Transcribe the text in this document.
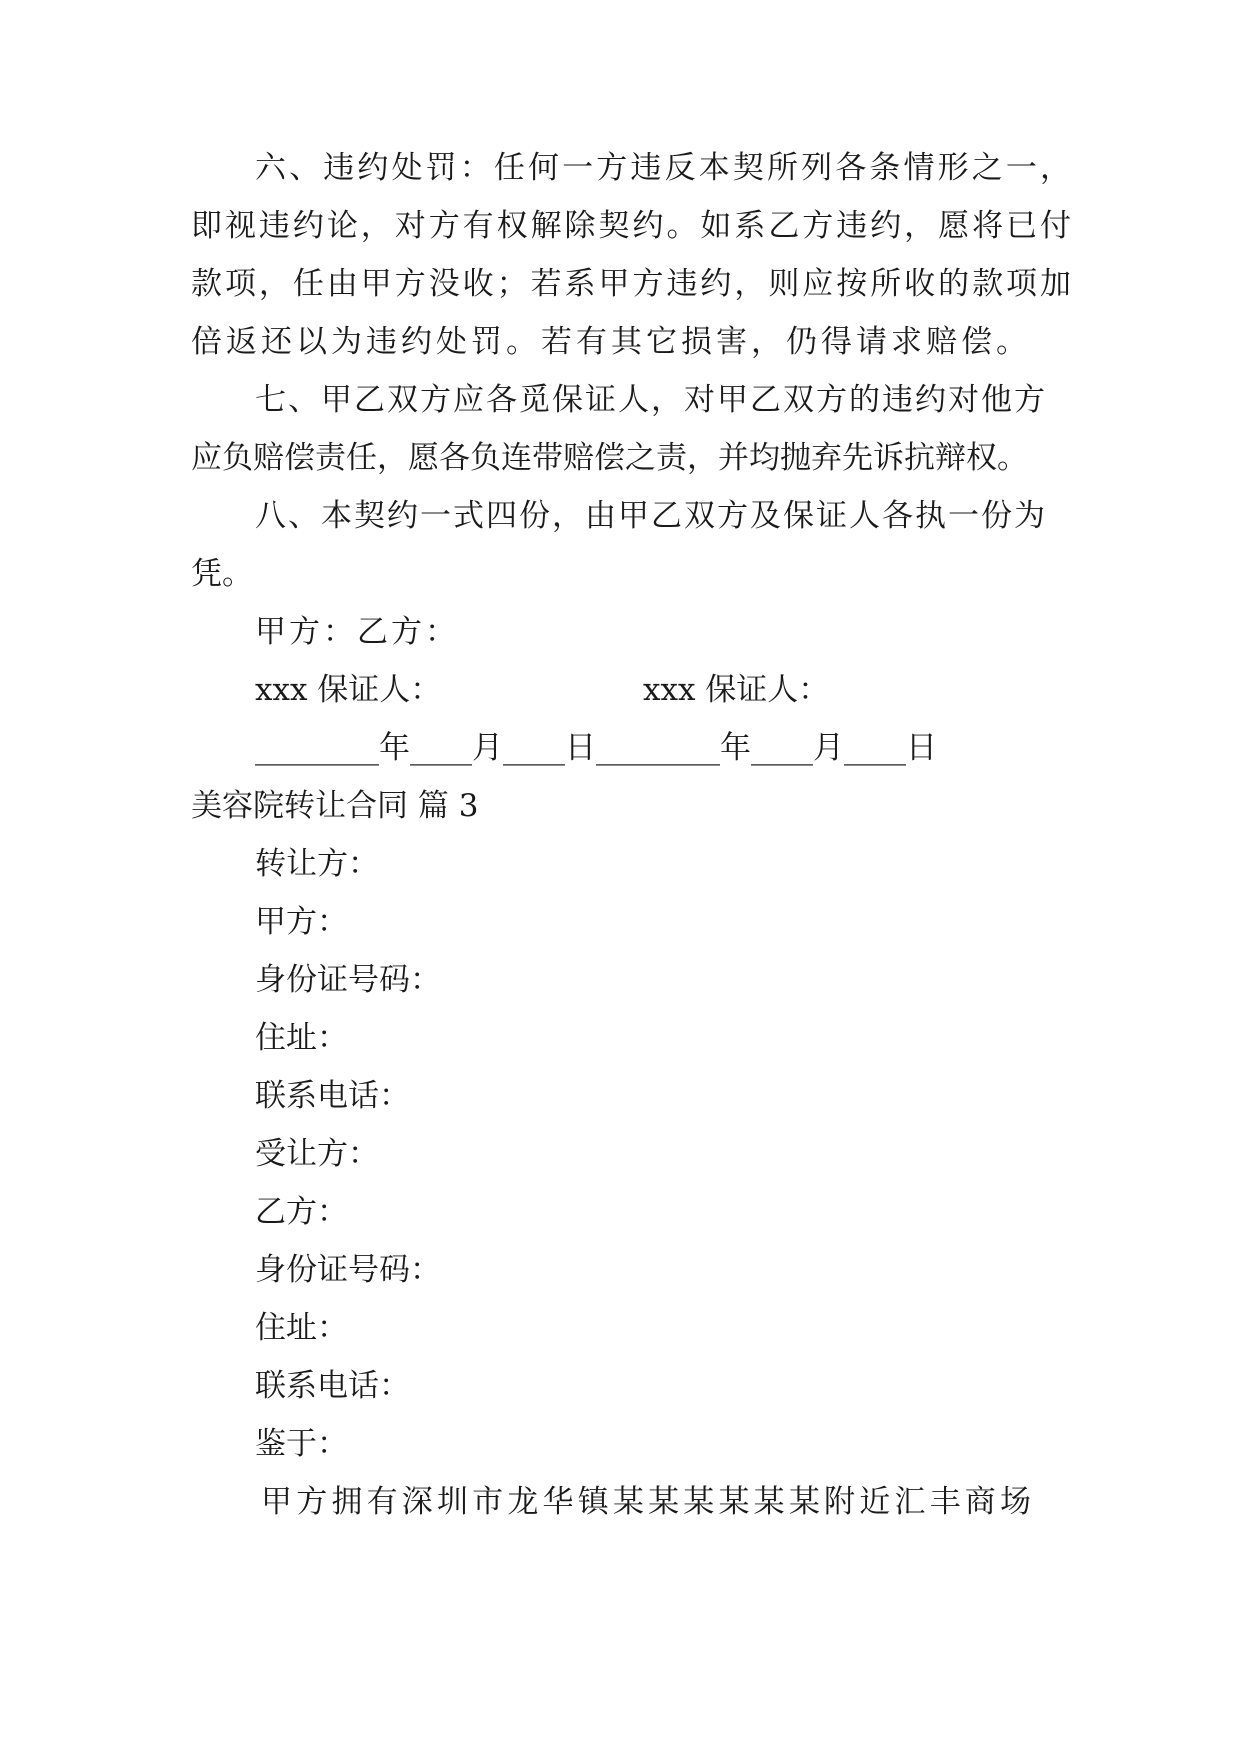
六、违约处罚：任何一方违反本契所列各条情形之一，
即视违约论，对方有权解除契约。如系乙方违约，愿将已付
款项，任由甲方没收；若系甲方违约，则应按所收的款项加
倍返还以为违约处罚。若有其它损害，仍得请求赔偿。
七、甲乙双方应各觅保证人，对甲乙双方的违约对他方
应负赔偿责任，愿各负连带赔偿之责，并均抛弃先诉抗辩权。
八、本契约一式四份，由甲乙双方及保证人各执一份为
凭。
甲方：乙方：
xxx 保证人：	xxx 保证人：
________年____月____日________年____月____日
美容院转让合同 篇 3
转让方：
甲方：
身份证号码：
住址：
联系电话：
受让方：
乙方：
身份证号码：
住址：
联系电话：
鉴于：
甲方拥有深圳市龙华镇某某某某某某附近汇丰商场
